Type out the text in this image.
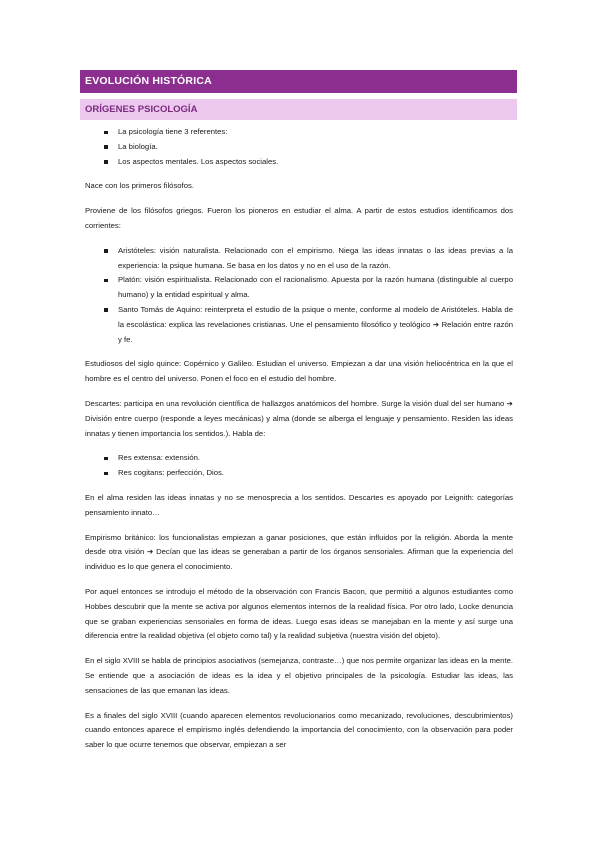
EVOLUCIÓN HISTÓRICA
ORÍGENES PSICOLOGÍA
La psicología tiene 3 referentes:
La biología.
Los aspectos mentales. Los aspectos sociales.

Nace con los primeros filósofos.

Proviene de los filósofos griegos. Fueron los pioneros en estudiar el alma. A partir de estos estudios identificamos dos corrientes:

Aristóteles: visión naturalista. Relacionado con el empirismo. Niega las ideas innatas o las ideas previas a la experiencia: la psique humana. Se basa en los datos y no en el uso de la razón.
Platón: visión espiritualista. Relacionado con el racionalismo. Apuesta por la razón humana (distinguible al cuerpo humano) y la entidad espiritual y alma.
Santo Tomás de Aquino: reinterpreta el estudio de la psique o mente, conforme al modelo de Aristóteles. Habla de la escolástica: explica las revelaciones cristianas. Une el pensamiento filosófico y teológico ➔ Relación entre razón y fe.

Estudiosos del siglo quince: Copérnico y Galileo. Estudian el universo. Empiezan a dar una visión heliocéntrica en la que el hombre es el centro del universo. Ponen el foco en el estudio del hombre.

Descartes: participa en una revolución científica de hallazgos anatómicos del hombre. Surge la visión dual del ser humano ➔ División entre cuerpo (responde a leyes mecánicas) y alma (donde se alberga el lenguaje y pensamiento. Residen las ideas innatas y tienen importancia los sentidos.). Habla de:

Res extensa: extensión.
Res cogitans: perfección, Dios.

En el alma residen las ideas innatas y no se menosprecia a los sentidos. Descartes es apoyado por Leignith: categorías pensamiento innato…

Empirismo británico: los funcionalistas empiezan a ganar posiciones, que están influidos por la religión. Aborda la mente desde otra visión ➔ Decían que las ideas se generaban a partir de los órganos sensoriales. Afirman que la experiencia del individuo es lo que genera el conocimiento.

Por aquel entonces se introdujo el método de la observación con Francis Bacon, que permitió a algunos estudiantes como Hobbes descubrir que la mente se activa por algunos elementos internos de la realidad física. Por otro lado, Locke denuncia que se graban experiencias sensoriales en forma de ideas. Luego esas ideas se manejaban en la mente y así surge una diferencia entre la realidad objetiva (el objeto como tal) y la realidad subjetiva (nuestra visión del objeto).

En el siglo XVIII se habla de principios asociativos (semejanza, contraste…) que nos permite organizar las ideas en la mente. Se entiende que a asociación de ideas es la idea y el objetivo principales de la psicología. Estudiar las ideas, las sensaciones de las que emanan las ideas.

Es a finales del siglo XVIII (cuando aparecen elementos revolucionarios como mecanizado, revoluciones, descubrimientos) cuando entonces aparece el empirismo inglés defendiendo la importancia del conocimiento, con la observación para poder saber lo que ocurre tenemos que observar, empiezan a ser
